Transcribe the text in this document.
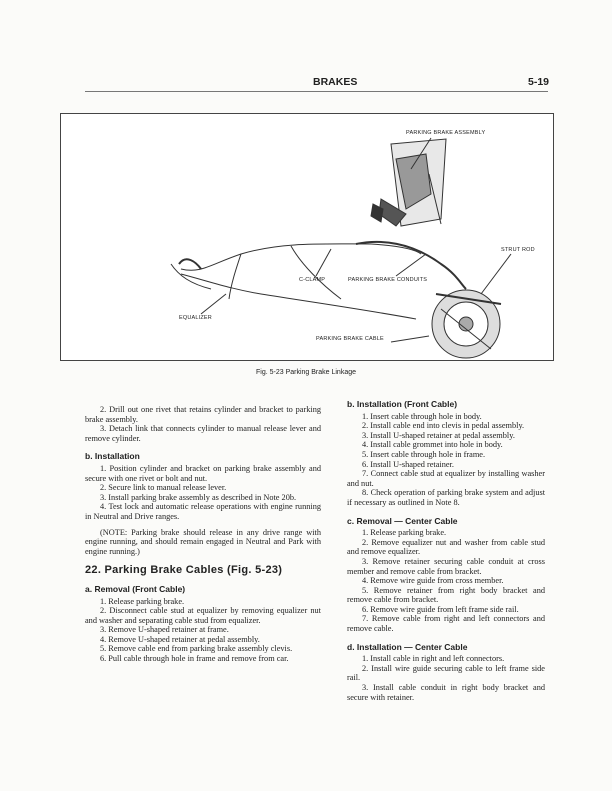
BRAKES	5-19
PARKING BRAKE ASSEMBLY
STRUT ROD
C-CLAMP	PARKING BRAKE CONDUITS
EQUALIZER
PARKING BRAKE CABLE
Fig. 5-23 Parking Brake Linkage

2. Drill out one rivet that retains cylinder and bracket to parking brake assembly.

3. Detach link that connects cylinder to manual release lever and remove cylinder.

b. Installation

1. Position cylinder and bracket on parking brake assembly and secure with one rivet or bolt and nut.

2. Secure link to manual release lever.

3. Install parking brake assembly as described in Note 20b.

4. Test lock and automatic release operations with engine running in Neutral and Drive ranges.

(NOTE: Parking brake should release in any drive range with engine running, and should remain engaged in Neutral and Park with engine running.)

22. Parking Brake Cables (Fig. 5-23)
a. Removal (Front Cable)

1. Release parking brake.

2. Disconnect cable stud at equalizer by removing equalizer nut and washer and separating cable stud from equalizer.

3. Remove U-shaped retainer at frame.

4. Remove U-shaped retainer at pedal assembly.

5. Remove cable end from parking brake assembly clevis.

6. Pull cable through hole in frame and remove from car.

b. Installation (Front Cable)

1. Insert cable through hole in body.

2. Install cable end into clevis in pedal assembly.

3. Install U-shaped retainer at pedal assembly.

4. Install cable grommet into hole in body.

5. Insert cable through hole in frame.

6. Install U-shaped retainer.

7. Connect cable stud at equalizer by installing washer and nut.

8. Check operation of parking brake system and adjust if necessary as outlined in Note 8.

c. Removal — Center Cable

1. Release parking brake.

2. Remove equalizer nut and washer from cable stud and remove equalizer.

3. Remove retainer securing cable conduit at cross member and remove cable from bracket.

4. Remove wire guide from cross member.

5. Remove retainer from right body bracket and remove cable from bracket.

6. Remove wire guide from left frame side rail.

7. Remove cable from right and left connectors and remove cable.

d. Installation — Center Cable

1. Install cable in right and left connectors.

2. Install wire guide securing cable to left frame side rail.

3. Install cable conduit in right body bracket and secure with retainer.
